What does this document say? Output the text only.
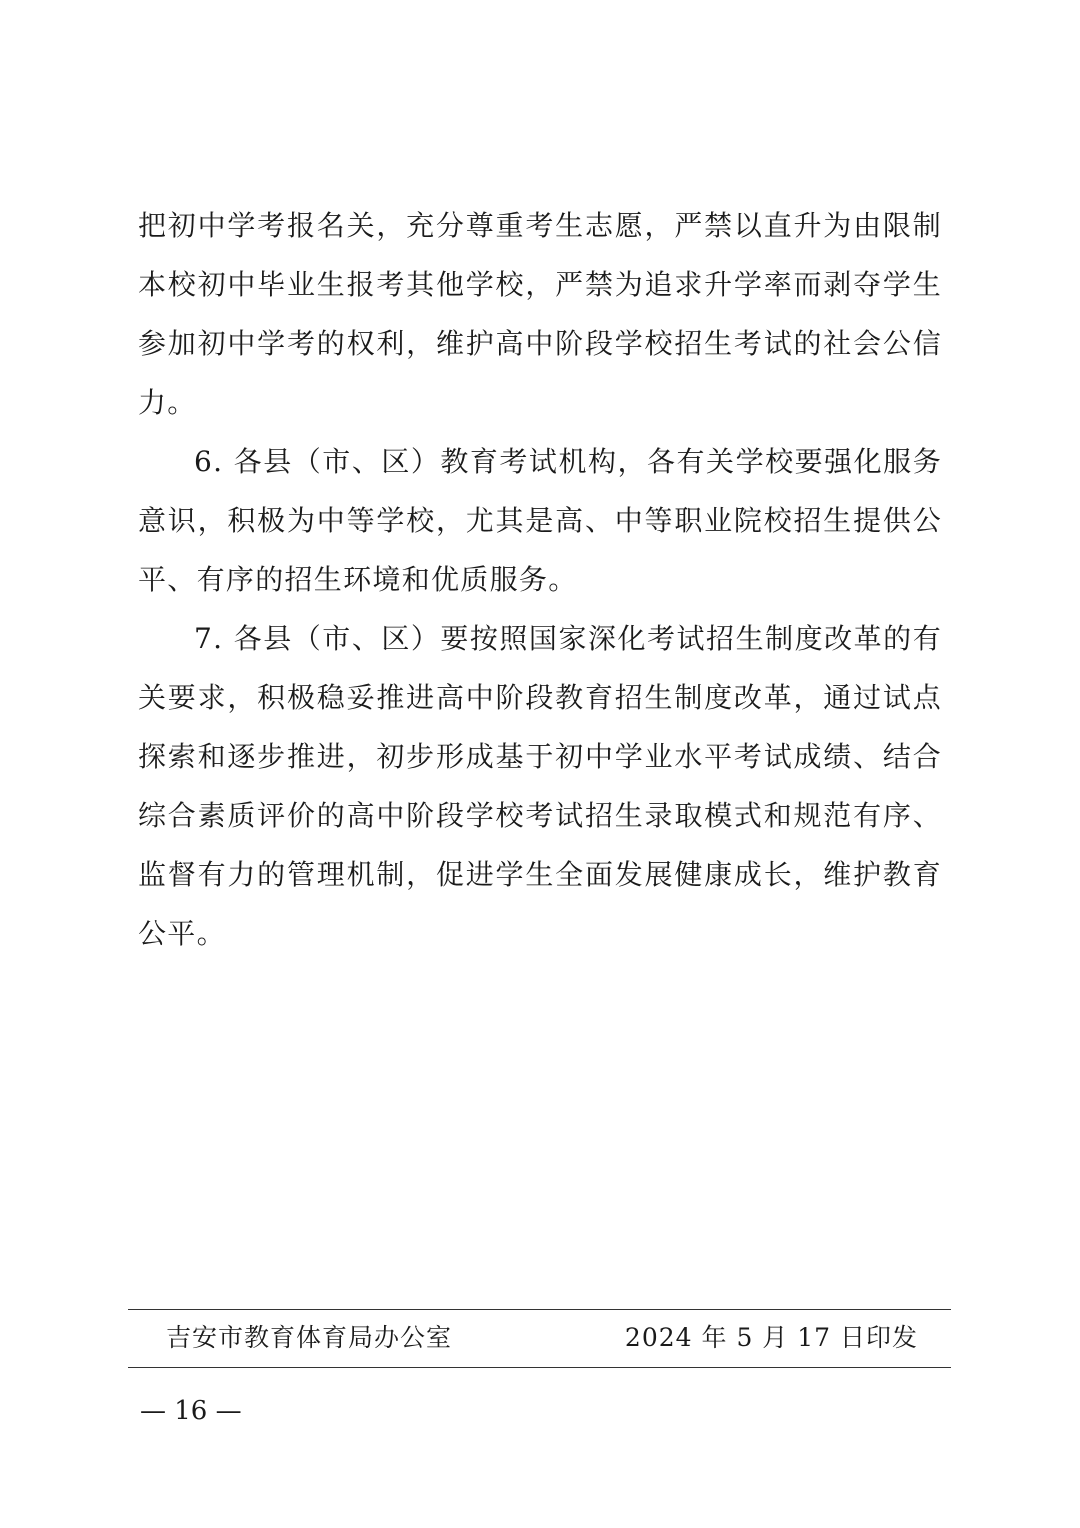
把初中学考报名关，充分尊重考生志愿，严禁以直升为由限制本校初中毕业生报考其他学校，严禁为追求升学率而剥夺学生参加初中学考的权利，维护高中阶段学校招生考试的社会公信力。

6. 各县（市、区）教育考试机构，各有关学校要强化服务意识，积极为中等学校，尤其是高、中等职业院校招生提供公平、有序的招生环境和优质服务。

7. 各县（市、区）要按照国家深化考试招生制度改革的有关要求，积极稳妥推进高中阶段教育招生制度改革，通过试点探索和逐步推进，初步形成基于初中学业水平考试成绩、结合综合素质评价的高中阶段学校考试招生录取模式和规范有序、监督有力的管理机制，促进学生全面发展健康成长，维护教育公平。

吉安市教育体育局办公室	2024 年 5 月 17 日印发
— 16 —
